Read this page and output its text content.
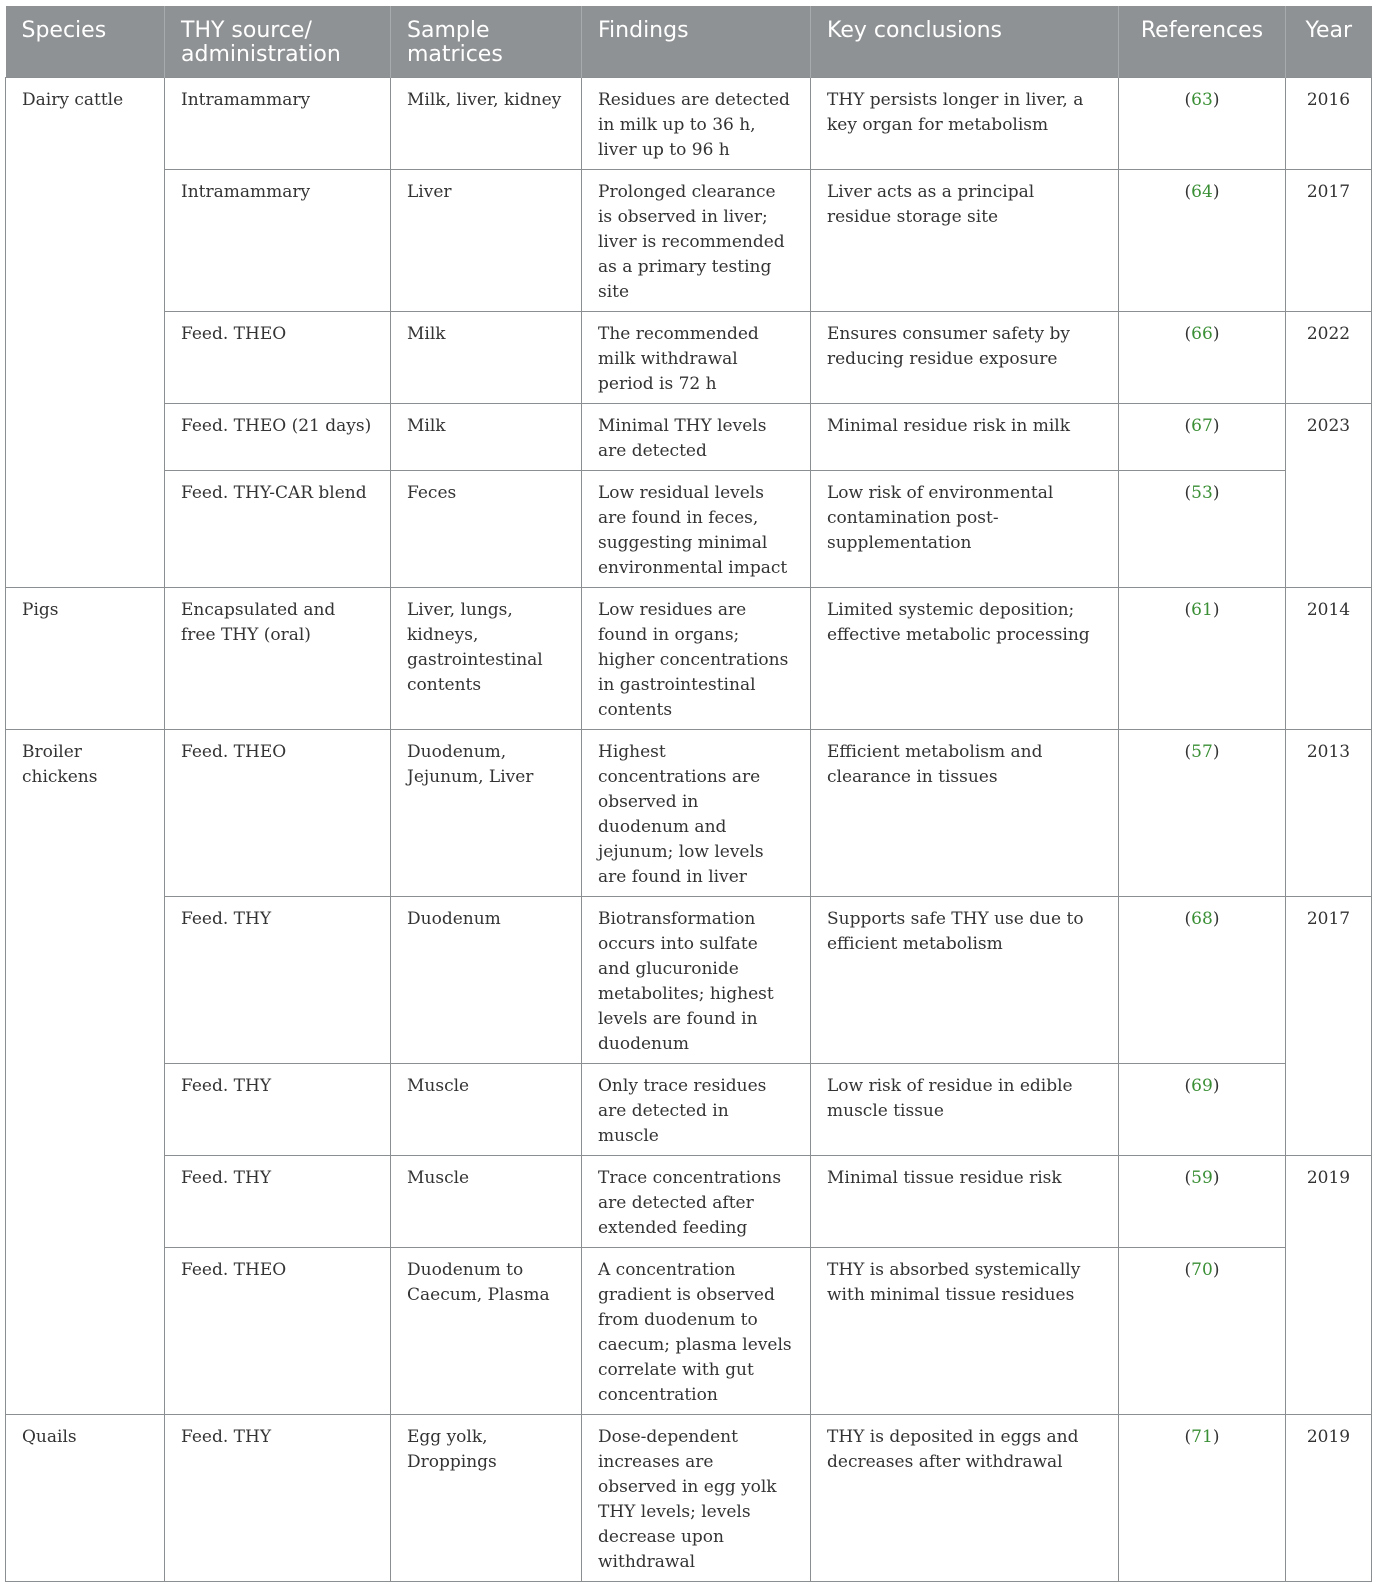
Species	THY source/ administration	Sample matrices	Findings	Key conclusions	References	Year
Dairy cattle	Intramammary	Milk, liver, kidney	Residues are detected in milk up to 36 h, liver up to 96 h	THY persists longer in liver, a key organ for metabolism	(63)	2016
	Intramammary	Liver	Prolonged clearance is observed in liver; liver is recommended as a primary testing site	Liver acts as a principal residue storage site	(64)	2017
	Feed. THEO	Milk	The recommended milk withdrawal period is 72 h	Ensures consumer safety by reducing residue exposure	(66)	2022
	Feed. THEO (21 days)	Milk	Minimal THY levels are detected	Minimal residue risk in milk	(67)	2023
	Feed. THY-CAR blend	Feces	Low residual levels are found in feces, suggesting minimal environmental impact	Low risk of environmental contamination post-supplementation	(53)	
Pigs	Encapsulated and free THY (oral)	Liver, lungs, kidneys, gastrointestinal contents	Low residues are found in organs; higher concentrations in gastrointestinal contents	Limited systemic deposition; effective metabolic processing	(61)	2014
Broiler chickens	Feed. THEO	Duodenum, Jejunum, Liver	Highest concentrations are observed in duodenum and jejunum; low levels are found in liver	Efficient metabolism and clearance in tissues	(57)	2013
	Feed. THY	Duodenum	Biotransformation occurs into sulfate and glucuronide metabolites; highest levels are found in duodenum	Supports safe THY use due to efficient metabolism	(68)	2017
	Feed. THY	Muscle	Only trace residues are detected in muscle	Low risk of residue in edible muscle tissue	(69)	
	Feed. THY	Muscle	Trace concentrations are detected after extended feeding	Minimal tissue residue risk	(59)	2019
	Feed. THEO	Duodenum to Caecum, Plasma	A concentration gradient is observed from duodenum to caecum; plasma levels correlate with gut concentration	THY is absorbed systemically with minimal tissue residues	(70)	
Quails	Feed. THY	Egg yolk, Droppings	Dose-dependent increases are observed in egg yolk THY levels; levels decrease upon withdrawal	THY is deposited in eggs and decreases after withdrawal	(71)	2019
